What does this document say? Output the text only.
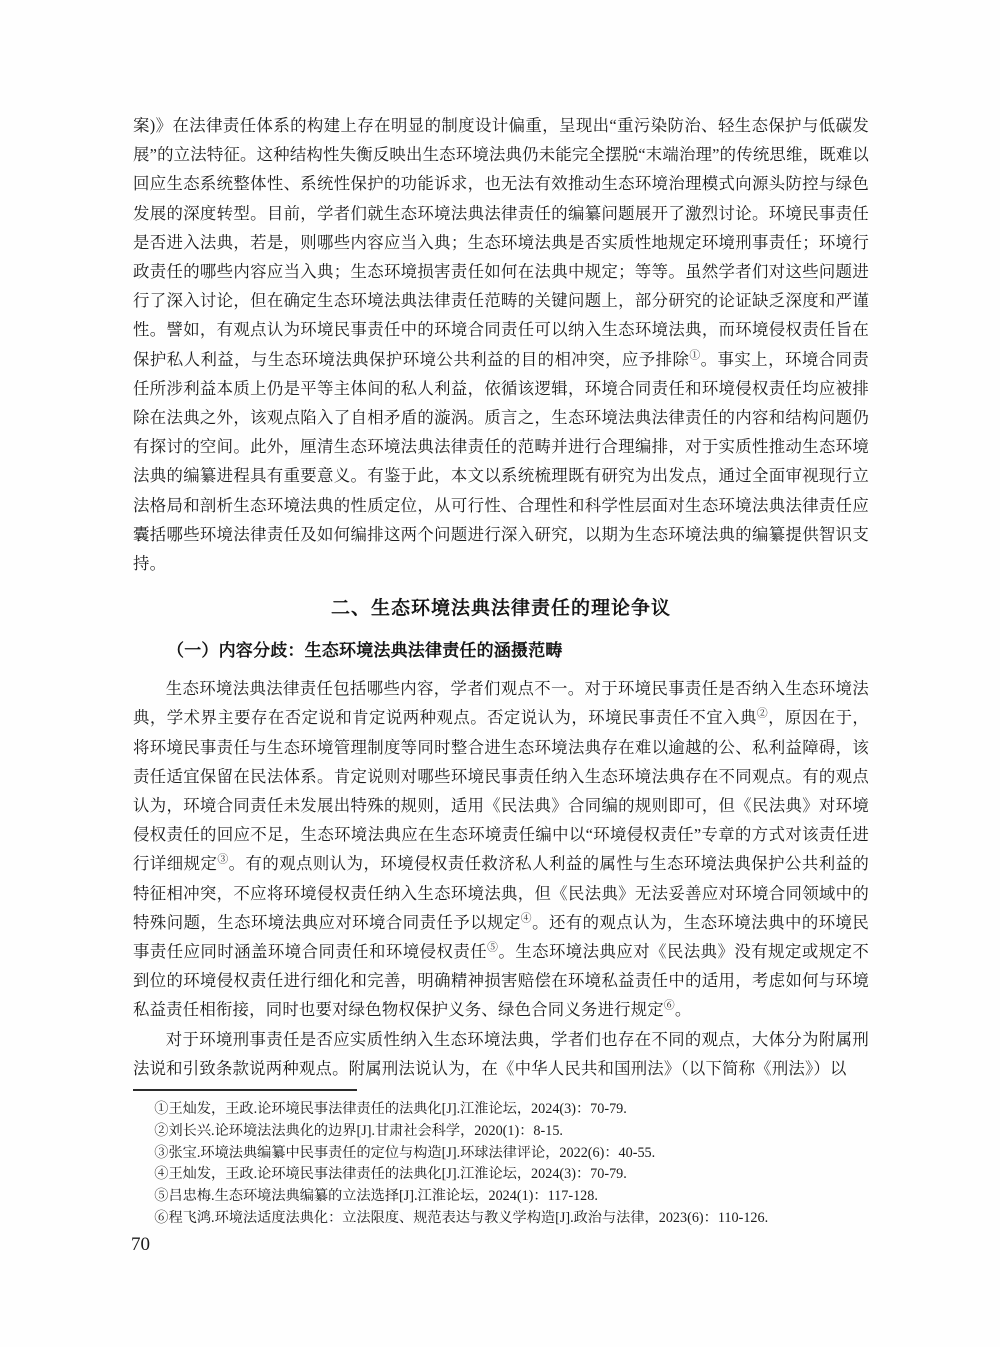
案)》在法律责任体系的构建上存在明显的制度设计偏重，呈现出“重污染防治、轻生态保护与低碳发展”的立法特征。这种结构性失衡反映出生态环境法典仍未能完全摆脱“末端治理”的传统思维，既难以回应生态系统整体性、系统性保护的功能诉求，也无法有效推动生态环境治理模式向源头防控与绿色发展的深度转型。目前，学者们就生态环境法典法律责任的编纂问题展开了激烈讨论。环境民事责任是否进入法典，若是，则哪些内容应当入典；生态环境法典是否实质性地规定环境刑事责任；环境行政责任的哪些内容应当入典；生态环境损害责任如何在法典中规定；等等。虽然学者们对这些问题进行了深入讨论，但在确定生态环境法典法律责任范畴的关键问题上，部分研究的论证缺乏深度和严谨性。譬如，有观点认为环境民事责任中的环境合同责任可以纳入生态环境法典，而环境侵权责任旨在保护私人利益，与生态环境法典保护环境公共利益的目的相冲突，应予排除①。事实上，环境合同责任所涉利益本质上仍是平等主体间的私人利益，依循该逻辑，环境合同责任和环境侵权责任均应被排除在法典之外，该观点陷入了自相矛盾的漩涡。质言之，生态环境法典法律责任的内容和结构问题仍有探讨的空间。此外，厘清生态环境法典法律责任的范畴并进行合理编排，对于实质性推动生态环境法典的编纂进程具有重要意义。有鉴于此，本文以系统梳理既有研究为出发点，通过全面审视现行立法格局和剖析生态环境法典的性质定位，从可行性、合理性和科学性层面对生态环境法典法律责任应囊括哪些环境法律责任及如何编排这两个问题进行深入研究，以期为生态环境法典的编纂提供智识支持。

二、生态环境法典法律责任的理论争议
（一）内容分歧：生态环境法典法律责任的涵摄范畴

生态环境法典法律责任包括哪些内容，学者们观点不一。对于环境民事责任是否纳入生态环境法典，学术界主要存在否定说和肯定说两种观点。否定说认为，环境民事责任不宜入典②，原因在于，将环境民事责任与生态环境管理制度等同时整合进生态环境法典存在难以逾越的公、私利益障碍，该责任适宜保留在民法体系。肯定说则对哪些环境民事责任纳入生态环境法典存在不同观点。有的观点认为，环境合同责任未发展出特殊的规则，适用《民法典》合同编的规则即可，但《民法典》对环境侵权责任的回应不足，生态环境法典应在生态环境责任编中以“环境侵权责任”专章的方式对该责任进行详细规定③。有的观点则认为，环境侵权责任救济私人利益的属性与生态环境法典保护公共利益的特征相冲突，不应将环境侵权责任纳入生态环境法典，但《民法典》无法妥善应对环境合同领域中的特殊问题，生态环境法典应对环境合同责任予以规定④。还有的观点认为，生态环境法典中的环境民事责任应同时涵盖环境合同责任和环境侵权责任⑤。生态环境法典应对《民法典》没有规定或规定不到位的环境侵权责任进行细化和完善，明确精神损害赔偿在环境私益责任中的适用，考虑如何与环境私益责任相衔接，同时也要对绿色物权保护义务、绿色合同义务进行规定⑥。

对于环境刑事责任是否应实质性纳入生态环境法典，学者们也存在不同的观点，大体分为附属刑法说和引致条款说两种观点。附属刑法说认为，在《中华人民共和国刑法》（以下简称《刑法》）以

①王灿发，王政.论环境民事法律责任的法典化[J].江淮论坛，2024(3)：70-79.
②刘长兴.论环境法法典化的边界[J].甘肃社会科学，2020(1)：8-15.
③张宝.环境法典编纂中民事责任的定位与构造[J].环球法律评论，2022(6)：40-55.
④王灿发，王政.论环境民事法律责任的法典化[J].江淮论坛，2024(3)：70-79.
⑤吕忠梅.生态环境法典编纂的立法选择[J].江淮论坛，2024(1)：117-128.
⑥程飞鸿.环境法适度法典化：立法限度、规范表达与教义学构造[J].政治与法律，2023(6)：110-126.
70
